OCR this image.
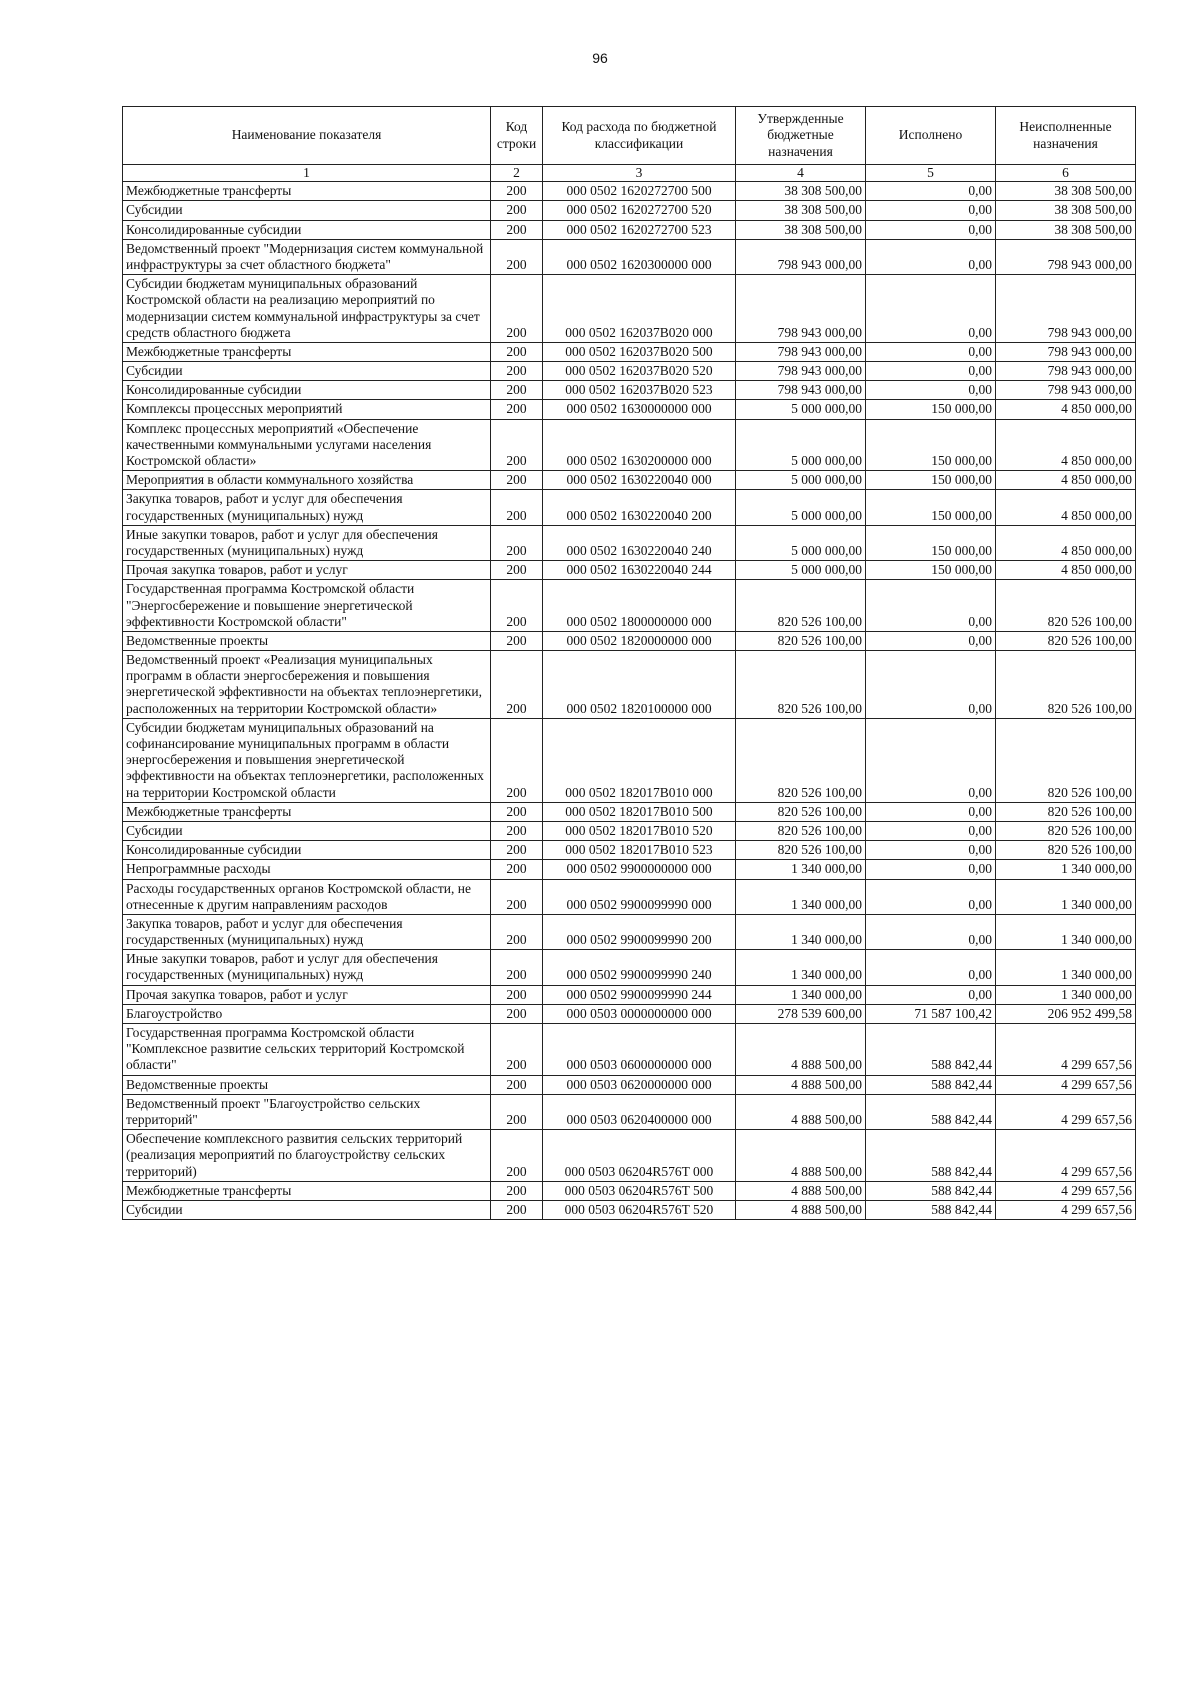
96
Наименование показателя	Код строки	Код расхода по бюджетной классификации	Утвержденные бюджетные назначения	Исполнено	Неисполненные назначения
1	2	3	4	5	6
Межбюджетные трансферты	200	000 0502 1620272700 500	38 308 500,00	0,00	38 308 500,00
Субсидии	200	000 0502 1620272700 520	38 308 500,00	0,00	38 308 500,00
Консолидированные субсидии	200	000 0502 1620272700 523	38 308 500,00	0,00	38 308 500,00
Ведомственный проект "Модернизация систем коммунальной инфраструктуры за счет областного бюджета"	200	000 0502 1620300000 000	798 943 000,00	0,00	798 943 000,00
Субсидии бюджетам муниципальных образований Костромской области на реализацию мероприятий по модернизации систем коммунальной инфраструктуры за счет средств областного бюджета	200	000 0502 162037В020 000	798 943 000,00	0,00	798 943 000,00
Межбюджетные трансферты	200	000 0502 162037В020 500	798 943 000,00	0,00	798 943 000,00
Субсидии	200	000 0502 162037В020 520	798 943 000,00	0,00	798 943 000,00
Консолидированные субсидии	200	000 0502 162037В020 523	798 943 000,00	0,00	798 943 000,00
Комплексы процессных мероприятий	200	000 0502 1630000000 000	5 000 000,00	150 000,00	4 850 000,00
Комплекс процессных мероприятий «Обеспечение качественными коммунальными услугами населения Костромской области»	200	000 0502 1630200000 000	5 000 000,00	150 000,00	4 850 000,00
Мероприятия в области коммунального хозяйства	200	000 0502 1630220040 000	5 000 000,00	150 000,00	4 850 000,00
Закупка товаров, работ и услуг для обеспечения государственных (муниципальных) нужд	200	000 0502 1630220040 200	5 000 000,00	150 000,00	4 850 000,00
Иные закупки товаров, работ и услуг для обеспечения государственных (муниципальных) нужд	200	000 0502 1630220040 240	5 000 000,00	150 000,00	4 850 000,00
Прочая закупка товаров, работ и услуг	200	000 0502 1630220040 244	5 000 000,00	150 000,00	4 850 000,00
Государственная программа Костромской области "Энергосбережение и повышение энергетической эффективности Костромской области"	200	000 0502 1800000000 000	820 526 100,00	0,00	820 526 100,00
Ведомственные проекты	200	000 0502 1820000000 000	820 526 100,00	0,00	820 526 100,00
Ведомственный проект «Реализация муниципальных программ в области энергосбережения и повышения энергетической эффективности на объектах теплоэнергетики, расположенных на территории Костромской области»	200	000 0502 1820100000 000	820 526 100,00	0,00	820 526 100,00
Субсидии бюджетам муниципальных образований на софинансирование муниципальных программ в области энергосбережения и повышения энергетической эффективности на объектах теплоэнергетики, расположенных на территории Костромской области	200	000 0502 182017В010 000	820 526 100,00	0,00	820 526 100,00
Межбюджетные трансферты	200	000 0502 182017В010 500	820 526 100,00	0,00	820 526 100,00
Субсидии	200	000 0502 182017В010 520	820 526 100,00	0,00	820 526 100,00
Консолидированные субсидии	200	000 0502 182017В010 523	820 526 100,00	0,00	820 526 100,00
Непрограммные расходы	200	000 0502 9900000000 000	1 340 000,00	0,00	1 340 000,00
Расходы государственных органов Костромской области, не отнесенные к другим направлениям расходов	200	000 0502 9900099990 000	1 340 000,00	0,00	1 340 000,00
Закупка товаров, работ и услуг для обеспечения государственных (муниципальных) нужд	200	000 0502 9900099990 200	1 340 000,00	0,00	1 340 000,00
Иные закупки товаров, работ и услуг для обеспечения государственных (муниципальных) нужд	200	000 0502 9900099990 240	1 340 000,00	0,00	1 340 000,00
Прочая закупка товаров, работ и услуг	200	000 0502 9900099990 244	1 340 000,00	0,00	1 340 000,00
Благоустройство	200	000 0503 0000000000 000	278 539 600,00	71 587 100,42	206 952 499,58
Государственная программа Костромской области "Комплексное развитие сельских территорий Костромской области"	200	000 0503 0600000000 000	4 888 500,00	588 842,44	4 299 657,56
Ведомственные проекты	200	000 0503 0620000000 000	4 888 500,00	588 842,44	4 299 657,56
Ведомственный проект "Благоустройство сельских территорий"	200	000 0503 0620400000 000	4 888 500,00	588 842,44	4 299 657,56
Обеспечение комплексного развития сельских территорий (реализация мероприятий по благоустройству сельских территорий)	200	000 0503 06204R576T 000	4 888 500,00	588 842,44	4 299 657,56
Межбюджетные трансферты	200	000 0503 06204R576T 500	4 888 500,00	588 842,44	4 299 657,56
Субсидии	200	000 0503 06204R576T 520	4 888 500,00	588 842,44	4 299 657,56
